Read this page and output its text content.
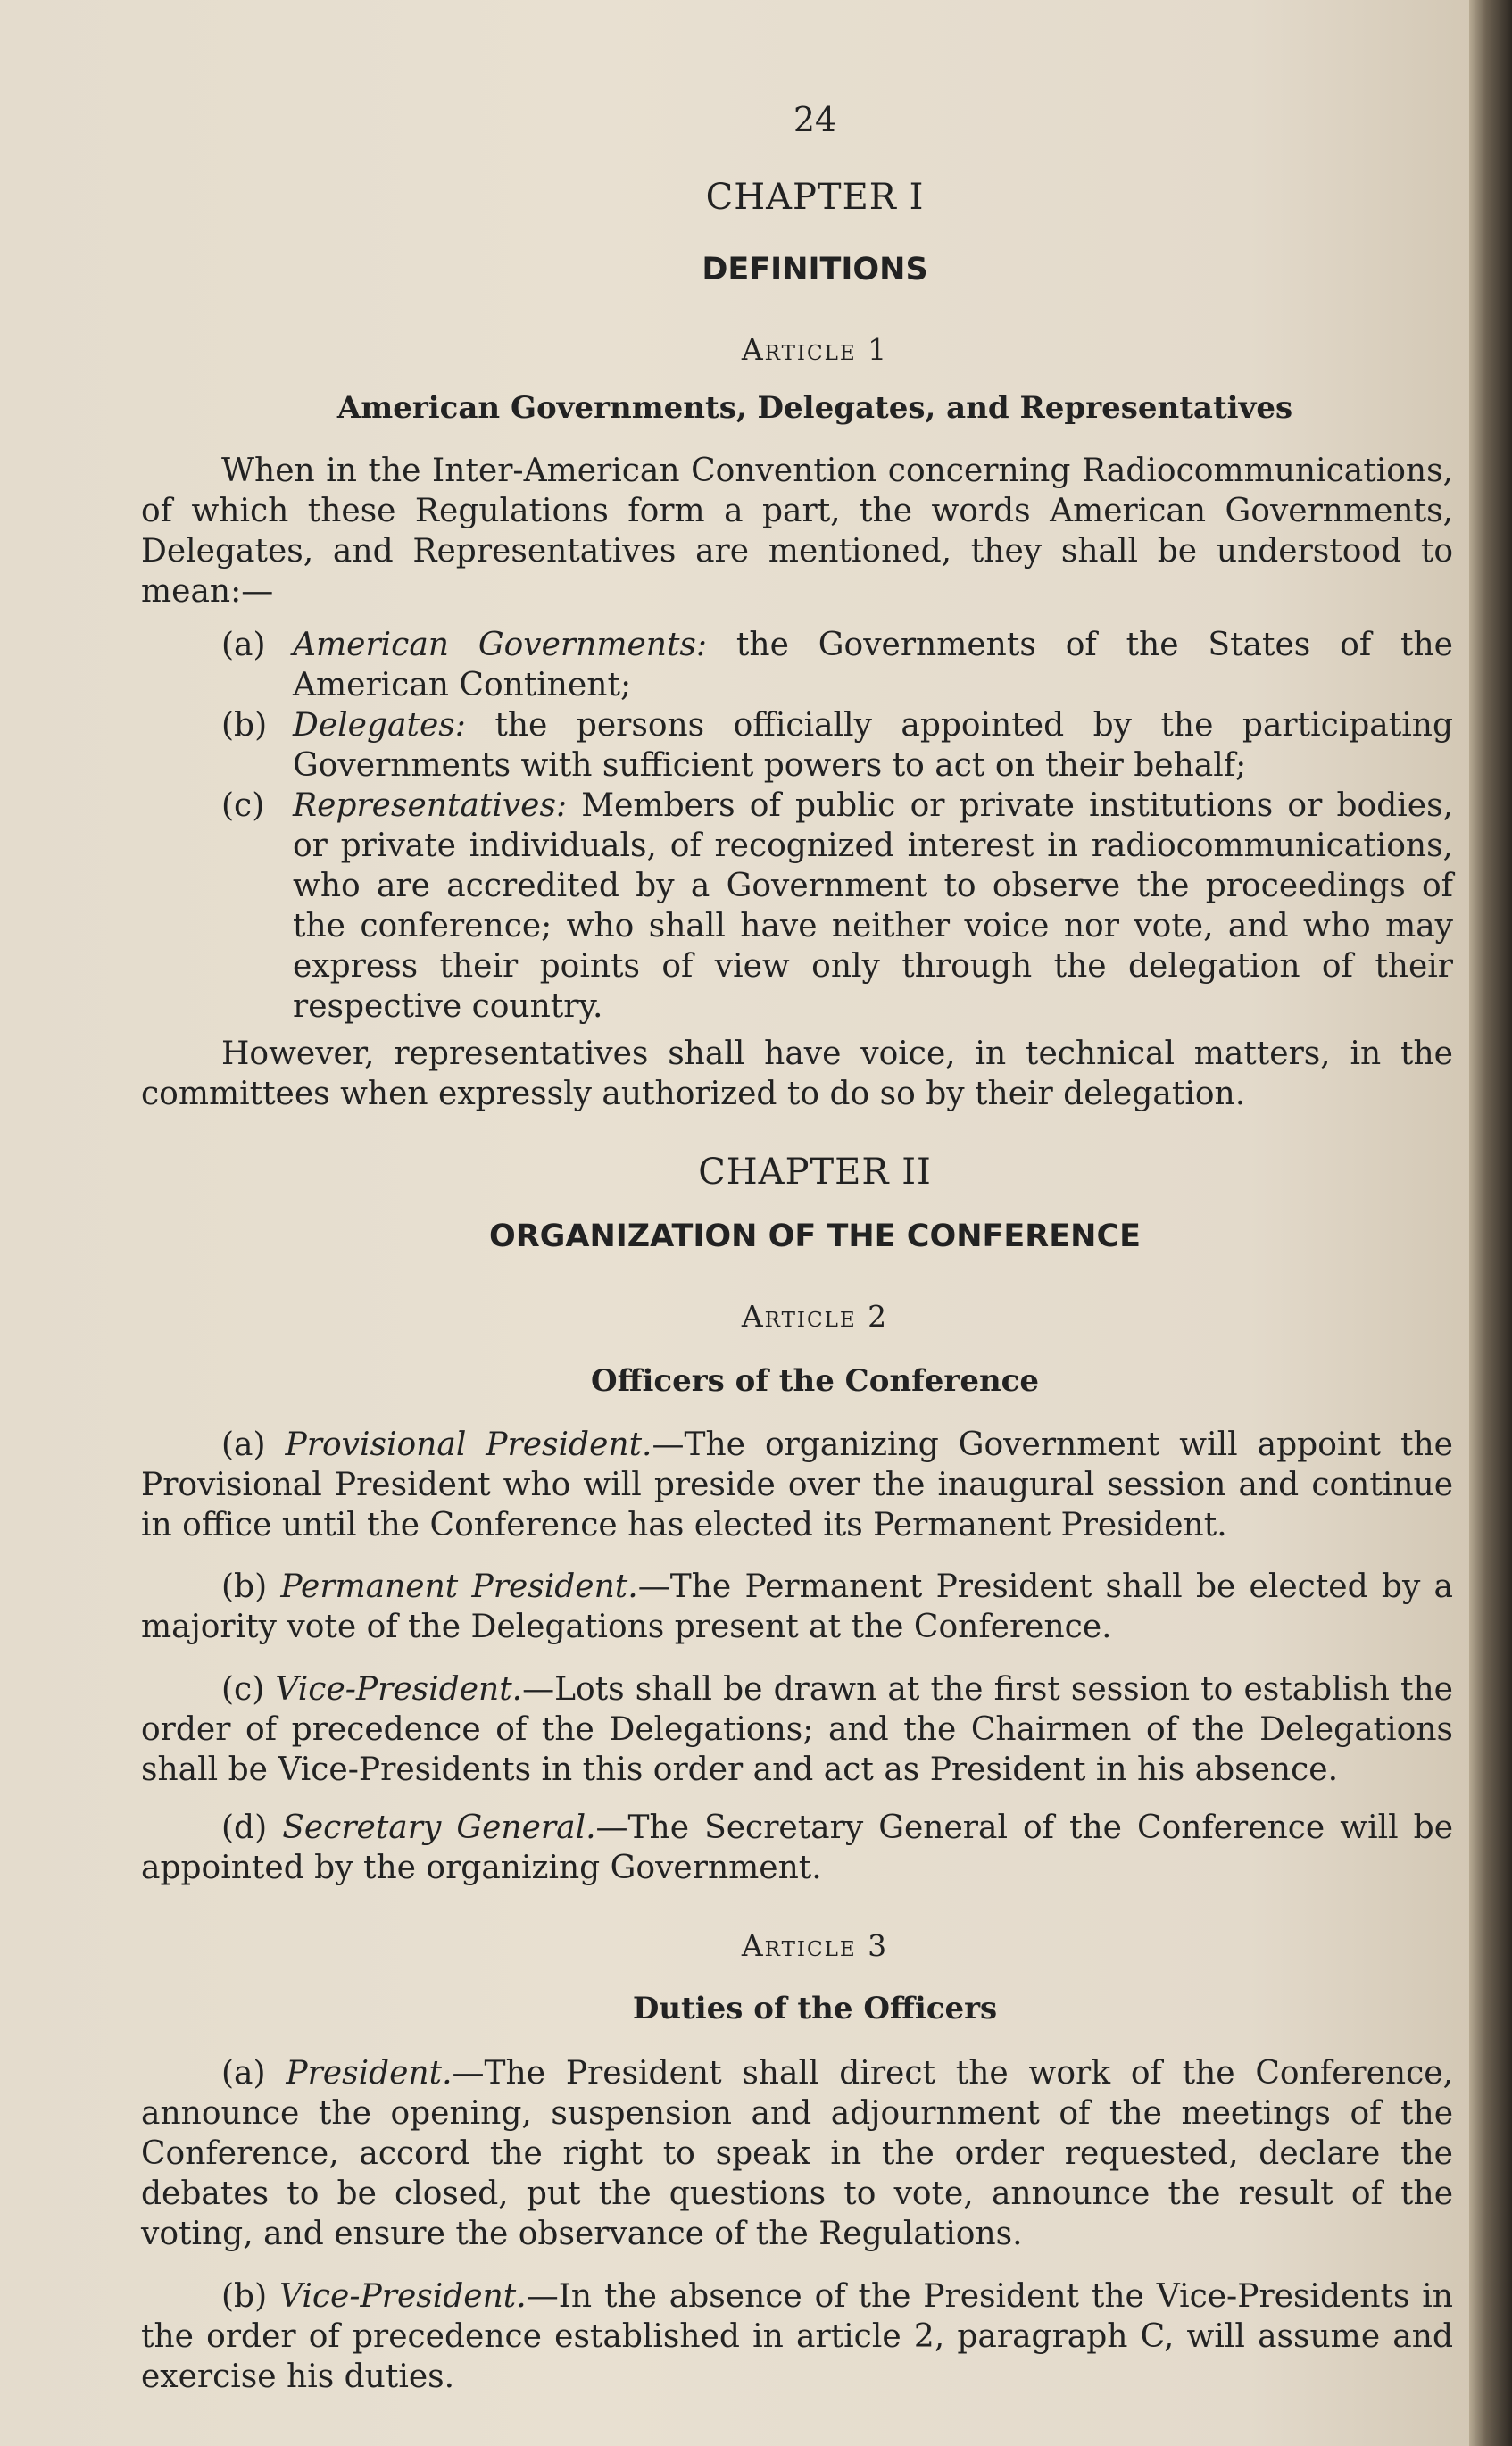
24
CHAPTER I
DEFINITIONS
Article 1
American Governments, Delegates, and Representatives
When in the Inter-American Convention concerning Radiocommunications, of which these Regulations form a part, the words American Governments, Delegates, and Representatives are mentioned, they shall be understood to mean:—
(a) American Governments: the Governments of the States of the American Continent;
(b) Delegates: the persons officially appointed by the participating Governments with sufficient powers to act on their behalf;
(c) Representatives: Members of public or private institutions or bodies, or private individuals, of recognized interest in radiocommunications, who are accredited by a Government to observe the proceedings of the conference; who shall have neither voice nor vote, and who may express their points of view only through the delegation of their respective country.
However, representatives shall have voice, in technical matters, in the committees when expressly authorized to do so by their delegation.
CHAPTER II
ORGANIZATION OF THE CONFERENCE
Article 2
Officers of the Conference
(a) Provisional President.—The organizing Government will appoint the Provisional President who will preside over the inaugural session and continue in office until the Conference has elected its Permanent President.
(b) Permanent President.—The Permanent President shall be elected by a majority vote of the Delegations present at the Conference.
(c) Vice-President.—Lots shall be drawn at the first session to establish the order of precedence of the Delegations; and the Chairmen of the Delegations shall be Vice-Presidents in this order and act as President in his absence.
(d) Secretary General.—The Secretary General of the Conference will be appointed by the organizing Government.
Article 3
Duties of the Officers
(a) President.—The President shall direct the work of the Conference, announce the opening, suspension and adjournment of the meetings of the Conference, accord the right to speak in the order requested, declare the debates to be closed, put the questions to vote, announce the result of the voting, and ensure the observance of the Regulations.
(b) Vice-President.—In the absence of the President the Vice-Presidents in the order of precedence established in article 2, paragraph C, will assume and exercise his duties.
